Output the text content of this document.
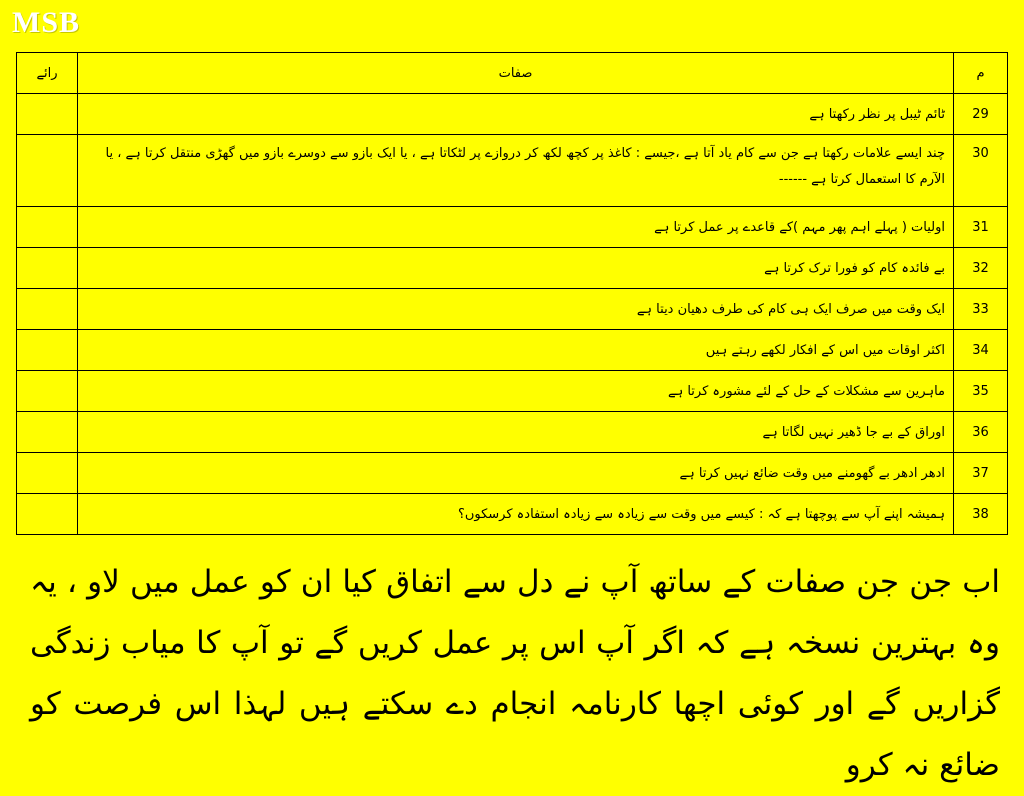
MSB
م	صفات	رائے
29	ٹائم ٹیبل پر نظر رکھتا ہے	
30	چند ایسے علامات رکھتا ہے جن سے کام یاد آتا ہے ،جیسے : کاغذ پر کچھ لکھ کر دروازے پر لٹکاتا ہے ، یا ایک بازو سے دوسرے بازو میں گھڑی منتقل کرتا ہے ، یا الآرم کا استعمال کرتا ہے ------	
31	اولیات ( پہلے اہم پھر مہم )کے قاعدے پر عمل کرتا ہے	
32	بے فائدہ کام کو فورا ترک کرتا ہے	
33	ایک وقت میں صرف ایک ہی کام کی طرف دھیان دیتا ہے	
34	اکثر اوقات میں اس کے افکار لکھے رہتے ہیں	
35	ماہرین سے مشکلات کے حل کے لئے مشورہ کرتا ہے	
36	اوراق کے بے جا ڈھیر نہیں لگاتا ہے	
37	ادھر ادھر بے گھومنے میں وقت ضائع نہیں کرتا ہے	
38	ہمیشہ اپنے آپ سے پوچھتا ہے کہ : کیسے میں وقت سے زیادہ سے زیادہ استفادہ کرسکوں؟	
اب جن جن صفات کے ساتھ آپ نے دل سے اتفاق کیا ان کو عمل میں لاو ، یہ وہ بہترین نسخہ ہے کہ اگر آپ اس پر عمل کریں گے تو آپ کا میاب زندگی گزاریں گے اور کوئی اچھا کارنامہ انجام دے سکتے ہیں لہذا اس فرصت کو ضائع نہ کرو
